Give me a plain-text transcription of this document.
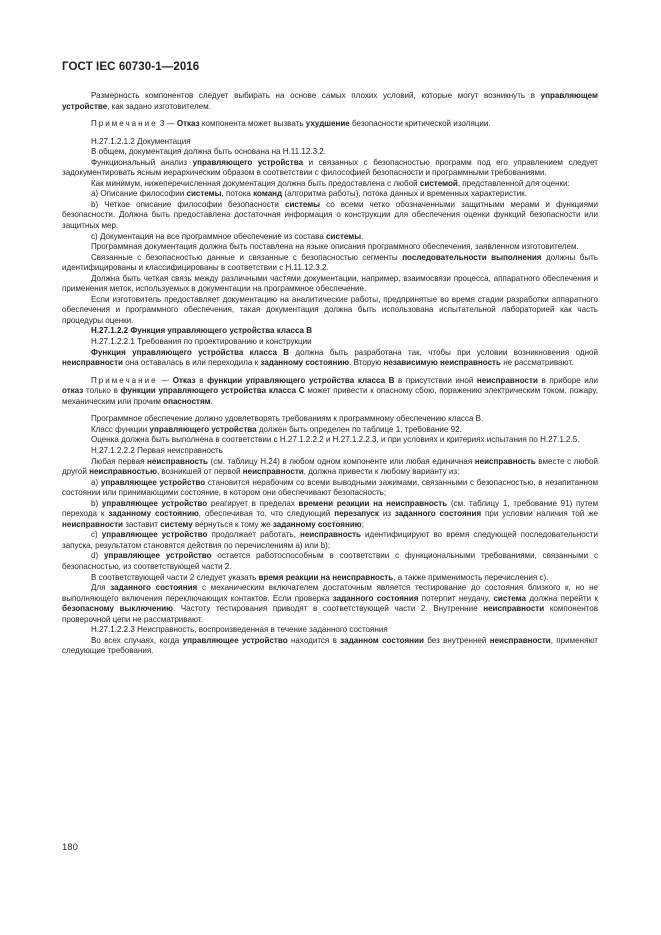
ГОСТ IEC 60730-1—2016

Размерность компонентов следует выбирать на основе самых плохих условий, которые могут возникнуть в управляющем устройстве, как задано изготовителем.

Примечание 3 — Отказ компонента может вызвать ухудшение безопасности критической изоляции.

H.27.1.2.1.2 Документация

В общем, документация должна быть основана на H.11.12.3.2.

Функциональный анализ управляющего устройства и связанных с безопасностью программ под его управлением следует задокументировать ясным иерархическим образом в соответствии с философией безопасности и программными требованиями.

Как минимум, нижеперечисленная документация должна быть предоставлена с любой системой, представленной для оценки:

a) Описание философии системы, потока команд (алгоритма работы), потока данных и временных характеристик.

b) Четкое описание философии безопасности системы со всеми четко обозначенными защитными мерами и функциями безопасности. Должна быть предоставлена достаточная информация о конструкции для обеспечения оценки функций безопасности или защитных мер.

c) Документация на все программное обеспечение из состава системы.

Программная документация должна быть поставлена на языке описания программного обеспечения, заявленном изготовителем.

Связанные с безопасностью данные и связанные с безопасностью сегменты последовательности выполнения должны быть идентифицированы и классифицированы в соответствии с H.11.12.3.2.

Должна быть четкая связь между различными частями документации, например, взаимосвязи процесса, аппаратного обеспечения и применения меток, используемых в документации на программное обеспечение.

Если изготовитель предоставляет документацию на аналитические работы, предпринятые во время стадии разработки аппаратного обеспечения и программного обеспечения, такая документация должна быть использована испытательной лабораторией как часть процедуры оценки.

H.27.1.2.2 Функция управляющего устройства класса B

H.27.1.2.2.1 Требования по проектированию и конструкции

Функция управляющего устройства класса B должна быть разработана так, чтобы при условии возникновения одной неисправности она оставалась в или переходила к заданному состоянию. Вторую независимую неисправность не рассматривают.

Примечание — Отказ в функции управляющего устройства класса B в присутствии иной неисправности в приборе или отказ только в функции управляющего устройства класса C может привести к опасному сбою, поражению электрическим током, пожару, механическим или прочим опасностям.

Программное обеспечение должно удовлетворять требованиям к программному обеспечению класса B.

Класс функции управляющего устройства должен быть определен по таблице 1, требование 92.

Оценка должна быть выполнена в соответствии с H.27.1.2.2.2 и H.27.1.2.2.3, и при условиях и критериях испытания по H.27.1.2.5.

H.27.1.2.2.2 Первая неисправность

Любая первая неисправность (см. таблицу H.24) в любом одном компоненте или любая единичная неисправность вместе с любой другой неисправностью, возникшей от первой неисправности, должна привести к любому варианту из:

a) управляющее устройство становится нерабочим со всеми выводными зажимами, связанными с безопасностью, в незапитанном состоянии или принимающими состояние, в котором они обеспечивают безопасность;

b) управляющее устройство реагирует в пределах времени реакции на неисправность (см. таблицу 1, требование 91) путем перехода к заданному состоянию, обеспечивая то, что следующий перезапуск из заданного состояния при условии наличия той же неисправности заставит систему вернуться к тому же заданному состоянию;

c) управляющее устройство продолжает работать, неисправность идентифицируют во время следующей последовательности запуска, результатом становятся действия по перечислениям a) или b);

d) управляющее устройство остается работоспособным в соответствии с функциональными требованиями, связанными с безопасностью, из соответствующей части 2.

В соответствующей части 2 следует указать время реакции на неисправность, а также применимость перечисления c).

Для заданного состояния с механическим включателем достаточным является тестирование до состояния близкого к, но не выполняющего включения переключающих контактов. Если проверка заданного состояния потерпит неудачу, система должна перейти к безопасному выключению. Частоту тестирования приводят в соответствующей части 2. Внутренние неисправности компонентов проверочной цепи не рассматривают.

H.27.1.2.2.3 Неисправность, воспроизведенная в течение заданного состояния

Во всех случаях, когда управляющее устройство находится в заданном состоянии без внутренней неисправности, применяют следующие требования.

180
